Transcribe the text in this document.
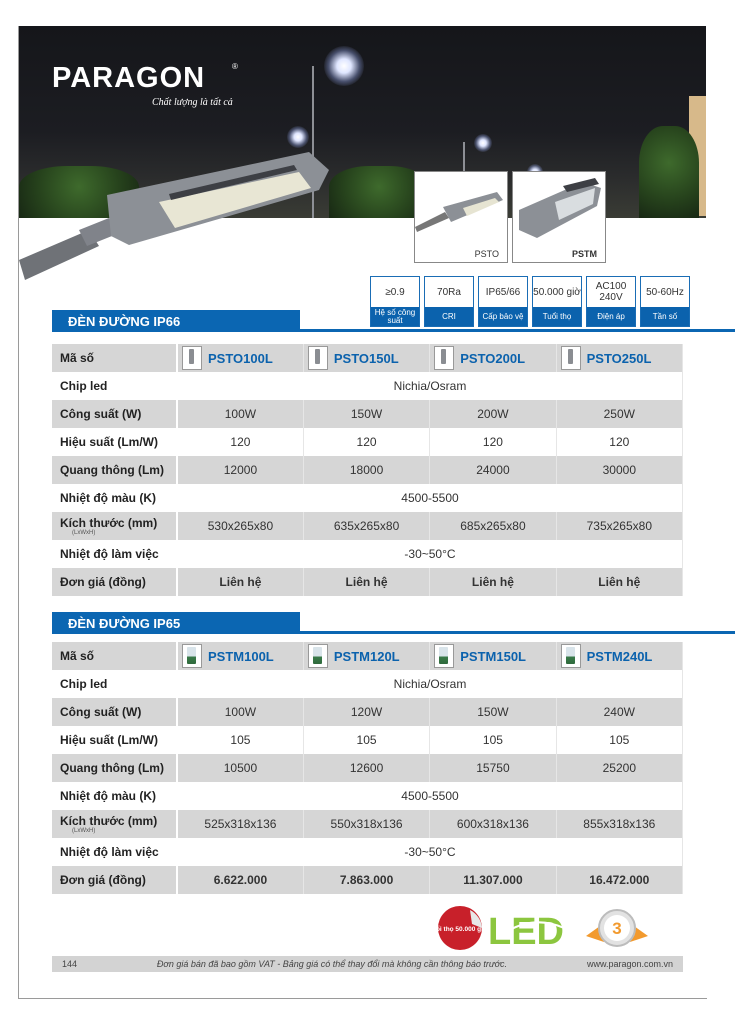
PARAGON	®
Chất lượng là tất cả
PSTO	PSTM
≥0.9
Hệ số công suất
70Ra
CRI
IP65/66
Cấp bảo vệ
50.000 giờ
Tuổi thọ
AC100 240V
Điện áp
50-60Hz
Tần số
ĐÈN ĐƯỜNG IP66
Mã số	PSTO100L	PSTO150L	PSTO200L	PSTO250L

Chip led	Nichia/Osram			
Công suất (W)	100W	150W	200W	250W
Hiệu suất (Lm/W)	120	120	120	120
Quang thông (Lm)	12000	18000	24000	30000
Nhiệt độ màu (K)	4500-5500			
Kích thước (mm)
(LxWxH)	530x265x80	635x265x80	685x265x80	735x265x80
Nhiệt độ làm việc	-30~50°C			
Đơn giá (đồng)	Liên hệ	Liên hệ	Liên hệ	Liên hệ
ĐÈN ĐƯỜNG IP65
Mã số	PSTM100L	PSTM120L	PSTM150L	PSTM240L

Chip led	Nichia/Osram			
Công suất (W)	100W	120W	150W	240W
Hiệu suất (Lm/W)	105	105	105	105
Quang thông (Lm)	10500	12600	15750	25200
Nhiệt độ màu (K)	4500-5500			
Kích thước (mm)
(LxWxH)	525x318x136	550x318x136	600x318x136	855x318x136
Nhiệt độ làm việc	-30~50°C			
Đơn giá (đồng)	6.622.000	7.863.000	11.307.000	16.472.000
Tuổi thọ 50.000 giờ LED	3
144	Đơn giá bán đã bao gồm VAT - Bảng giá có thể thay đổi mà không cần thông báo trước.	www.paragon.com.vn
